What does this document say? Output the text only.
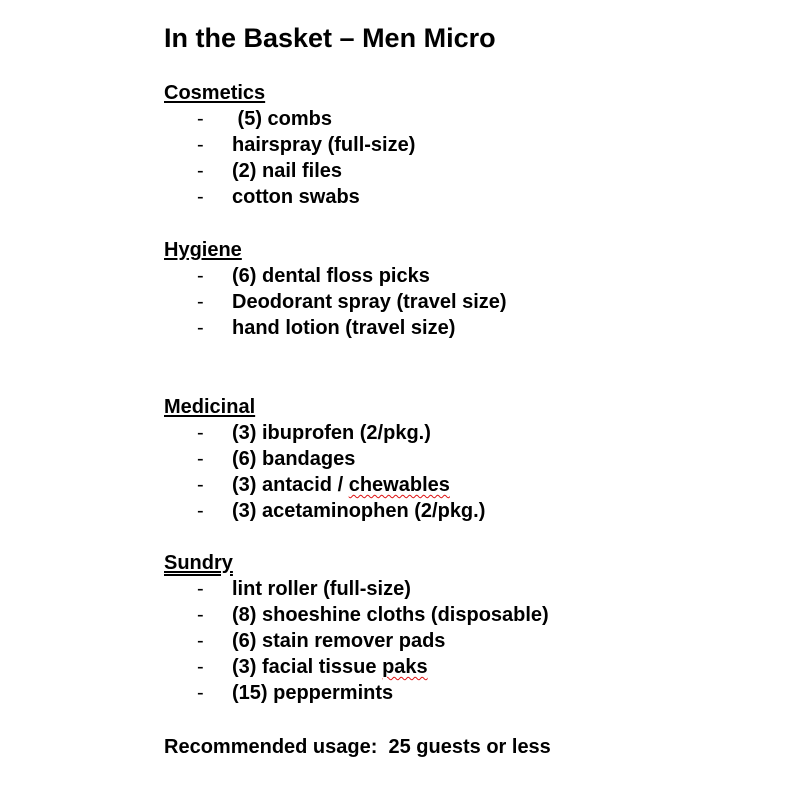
In the Basket – Men Micro
Cosmetics
- (5) combs
- hairspray (full-size)
- (2) nail files
- cotton swabs
Hygiene
- (6) dental floss picks
- Deodorant spray (travel size)
- hand lotion (travel size)
Medicinal
- (3) ibuprofen (2/pkg.)
- (6) bandages
- (3) antacid / chewables
- (3) acetaminophen (2/pkg.)
Sundry
- lint roller (full-size)
- (8) shoeshine cloths (disposable)
- (6) stain remover pads
- (3) facial tissue paks
- (15) peppermints
Recommended usage:  25 guests or less
